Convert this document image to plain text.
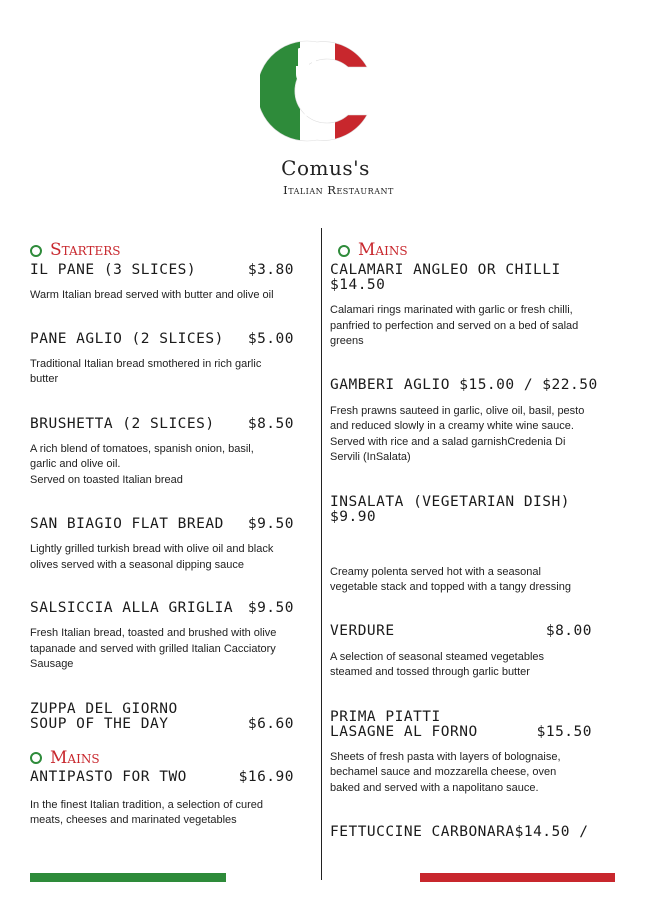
Comus's
Italian Restaurant
Starters
IL PANE (3 SLICES)	$3.80
Warm Italian bread served with butter and olive oil
PANE AGLIO (2 SLICES) $5.00
Traditional Italian bread smothered in rich garlic
butter
BRUSHETTA (2 SLICES) $8.50
A rich blend of tomatoes, spanish onion, basil,
garlic and olive oil.
Served on toasted Italian bread
SAN BIAGIO FLAT BREAD $9.50
Lightly grilled turkish bread with olive oil and black
olives served with a seasonal dipping sauce
SALSICCIA ALLA GRIGLIA $9.50
Fresh Italian bread, toasted and brushed with olive
tapanade and served with grilled Italian Cacciatory
Sausage
ZUPPA DEL GIORNO
SOUP OF THE DAY	$6.60
Mains
ANTIPASTO FOR TWO	$16.90
In the finest Italian tradition, a selection of cured
meats, cheeses and marinated vegetables
Mains
CALAMARI ANGLEO OR CHILLI
$14.50
Calamari rings marinated with garlic or fresh chilli,
panfried to perfection and served on a bed of salad
greens
GAMBERI AGLIO $15.00 / $22.50
Fresh prawns sauteed in garlic, olive oil, basil, pesto
and reduced slowly in a creamy white wine sauce.
Served with rice and a salad garnishCredenia Di
Servili (InSalata)
INSALATA (VEGETARIAN DISH)
$9.90
Creamy polenta served hot with a seasonal
vegetable stack and topped with a tangy dressing
VERDURE	$8.00
A selection of seasonal steamed vegetables
steamed and tossed through garlic butter
PRIMA PIATTI
LASAGNE AL FORNO	$15.50
Sheets of fresh pasta with layers of bolognaise,
bechamel sauce and mozzarella cheese, oven
baked and served with a napolitano sauce.
FETTUCCINE CARBONARA$14.50 /
